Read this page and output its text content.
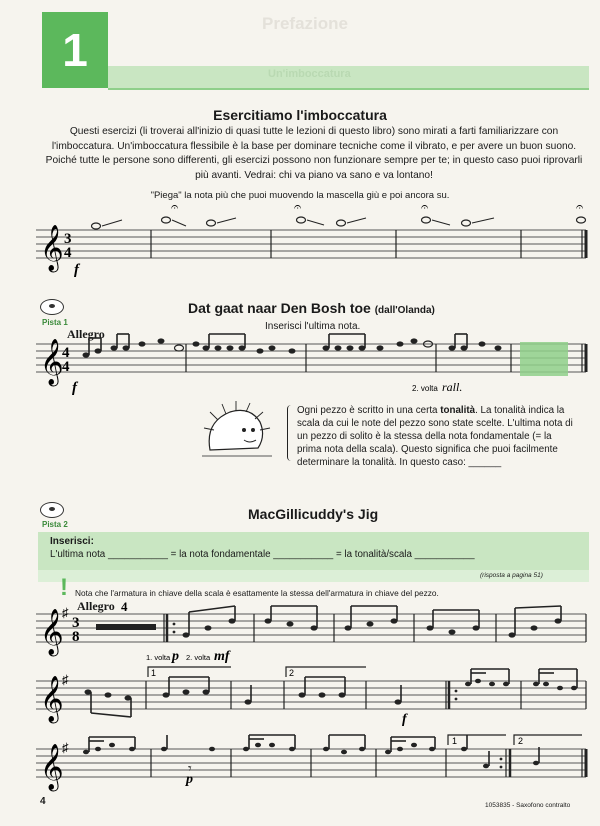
1
Prefazione
Un'imboccatura
Esercitiamo l'imboccatura
Questi esercizi (li troverai all'inizio di quasi tutte le lezioni di questo libro) sono mirati a farti familiarizzare con l'imboccatura. Un'imboccatura flessibile è la base per dominare tecniche come il vibrato, e per avere un buon suono. Poiché tutte le persone sono differenti, gli esercizi possono non funzionare sempre per te; in questo caso puoi riprovarli più avanti. Vedrai: chi va piano va sano e va lontano!
"Piega" la nota più che puoi muovendo la mascella giù e poi ancora su.
𝄞 3
4
𝄐	𝄐	𝄐	𝄐
f
Pista 1
Dat gaat naar Den Bosh toe (dall'Olanda)
Allegro
Inserisci l'ultima nota.
𝄞
4
4
f	2. volta rall.
Ogni pezzo è scritto in una certa tonalità. La tonalità indica la scala da cui le note del pezzo sono state scelte. L'ultima nota di un pezzo di solito è la stessa della nota fondamentale (= la prima nota della scala). Questo significa che puoi facilmente determinare la tonalità. In questo caso: ______
Pista 2
MacGillicuddy's Jig
Inserisci:
L'ultima nota ___________ = la nota fondamentale ___________ = la tonalità/scala ___________
(risposta a pagina 51)
! Nota che l'armatura in chiave della scala è esattamente la stessa dell'armatura in chiave del pezzo.
Allegro
𝄞
♯
3
8
4
1. volta p 2. volta mf
𝄞
♯	1	2
f
𝄞
♯	1	2
𝄾
p
4	1053835 - Saxofono contralto
